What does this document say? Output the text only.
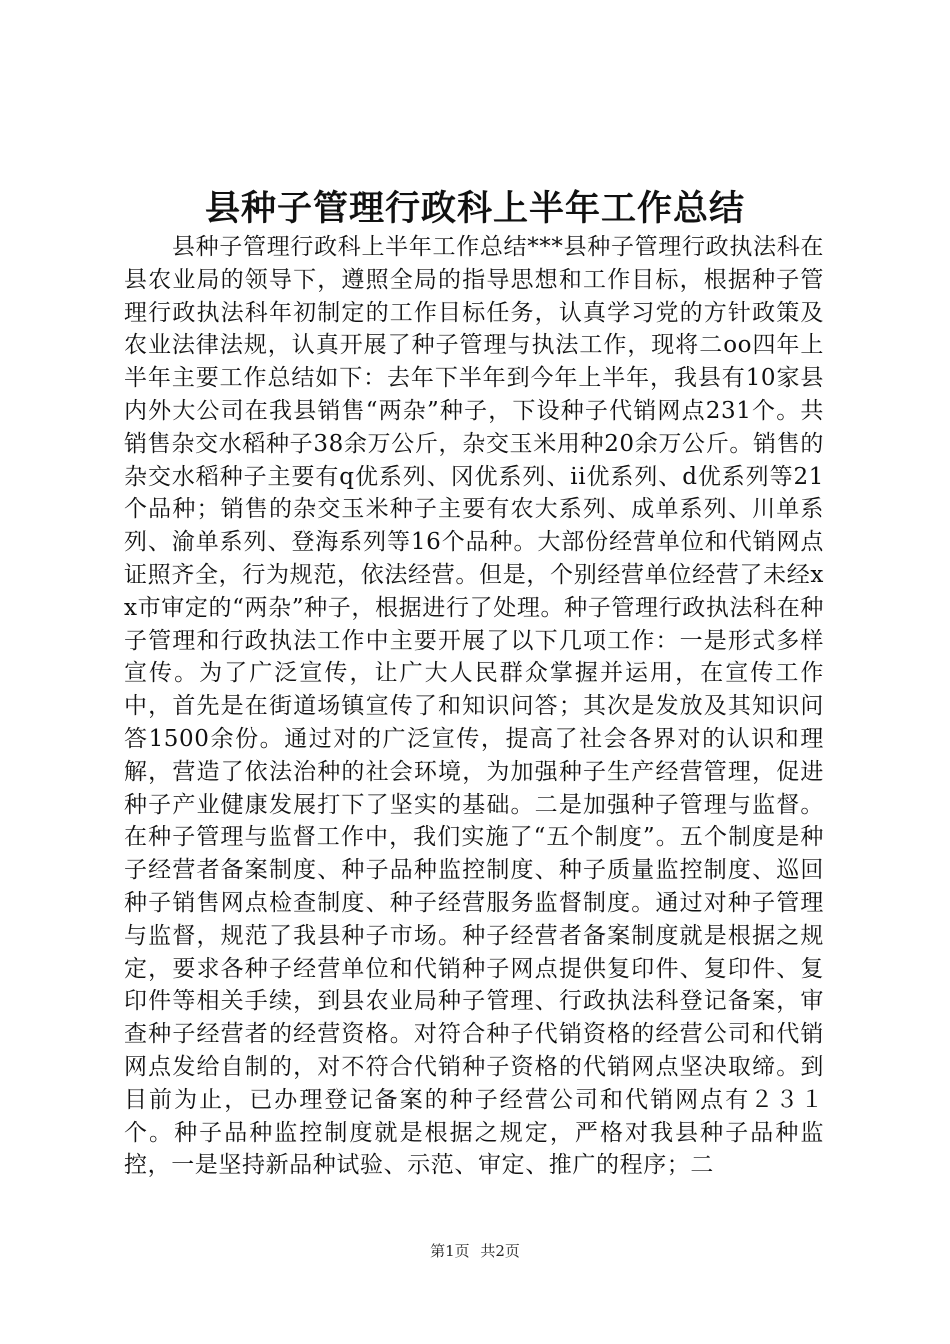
县种子管理行政科上半年工作总结

县种子管理行政科上半年工作总结***县种子管理行政执法科在县农业局的领导下，遵照全局的指导思想和工作目标，根据种子管理行政执法科年初制定的工作目标任务，认真学习党的方针政策及农业法律法规，认真开展了种子管理与执法工作，现将二oo四年上半年主要工作总结如下：去年下半年到今年上半年，我县有10家县内外大公司在我县销售“两杂”种子，下设种子代销网点231个。共销售杂交水稻种子38余万公斤，杂交玉米用种20余万公斤。销售的杂交水稻种子主要有q优系列、冈优系列、ii优系列、d优系列等21个品种；销售的杂交玉米种子主要有农大系列、成单系列、川单系列、渝单系列、登海系列等16个品种。大部份经营单位和代销网点证照齐全，行为规范，依法经营。但是，个别经营单位经营了未经xx市审定的“两杂”种子，根据进行了处理。种子管理行政执法科在种子管理和行政执法工作中主要开展了以下几项工作：一是形式多样宣传。为了广泛宣传，让广大人民群众掌握并运用，在宣传工作中，首先是在街道场镇宣传了和知识问答；其次是发放及其知识问答1500余份。通过对的广泛宣传，提高了社会各界对的认识和理解，营造了依法治种的社会环境，为加强种子生产经营管理，促进种子产业健康发展打下了坚实的基础。二是加强种子管理与监督。在种子管理与监督工作中，我们实施了“五个制度”。五个制度是种子经营者备案制度、种子品种监控制度、种子质量监控制度、巡回种子销售网点检查制度、种子经营服务监督制度。通过对种子管理与监督，规范了我县种子市场。种子经营者备案制度就是根据之规定，要求各种子经营单位和代销种子网点提供复印件、复印件、复印件等相关手续，到县农业局种子管理、行政执法科登记备案，审查种子经营者的经营资格。对符合种子代销资格的经营公司和代销网点发给自制的，对不符合代销种子资格的代销网点坚决取缔。到目前为止，已办理登记备案的种子经营公司和代销网点有２３１个。种子品种监控制度就是根据之规定，严格对我县种子品种监控，一是坚持新品种试验、示范、审定、推广的程序；二

第1页 共2页
